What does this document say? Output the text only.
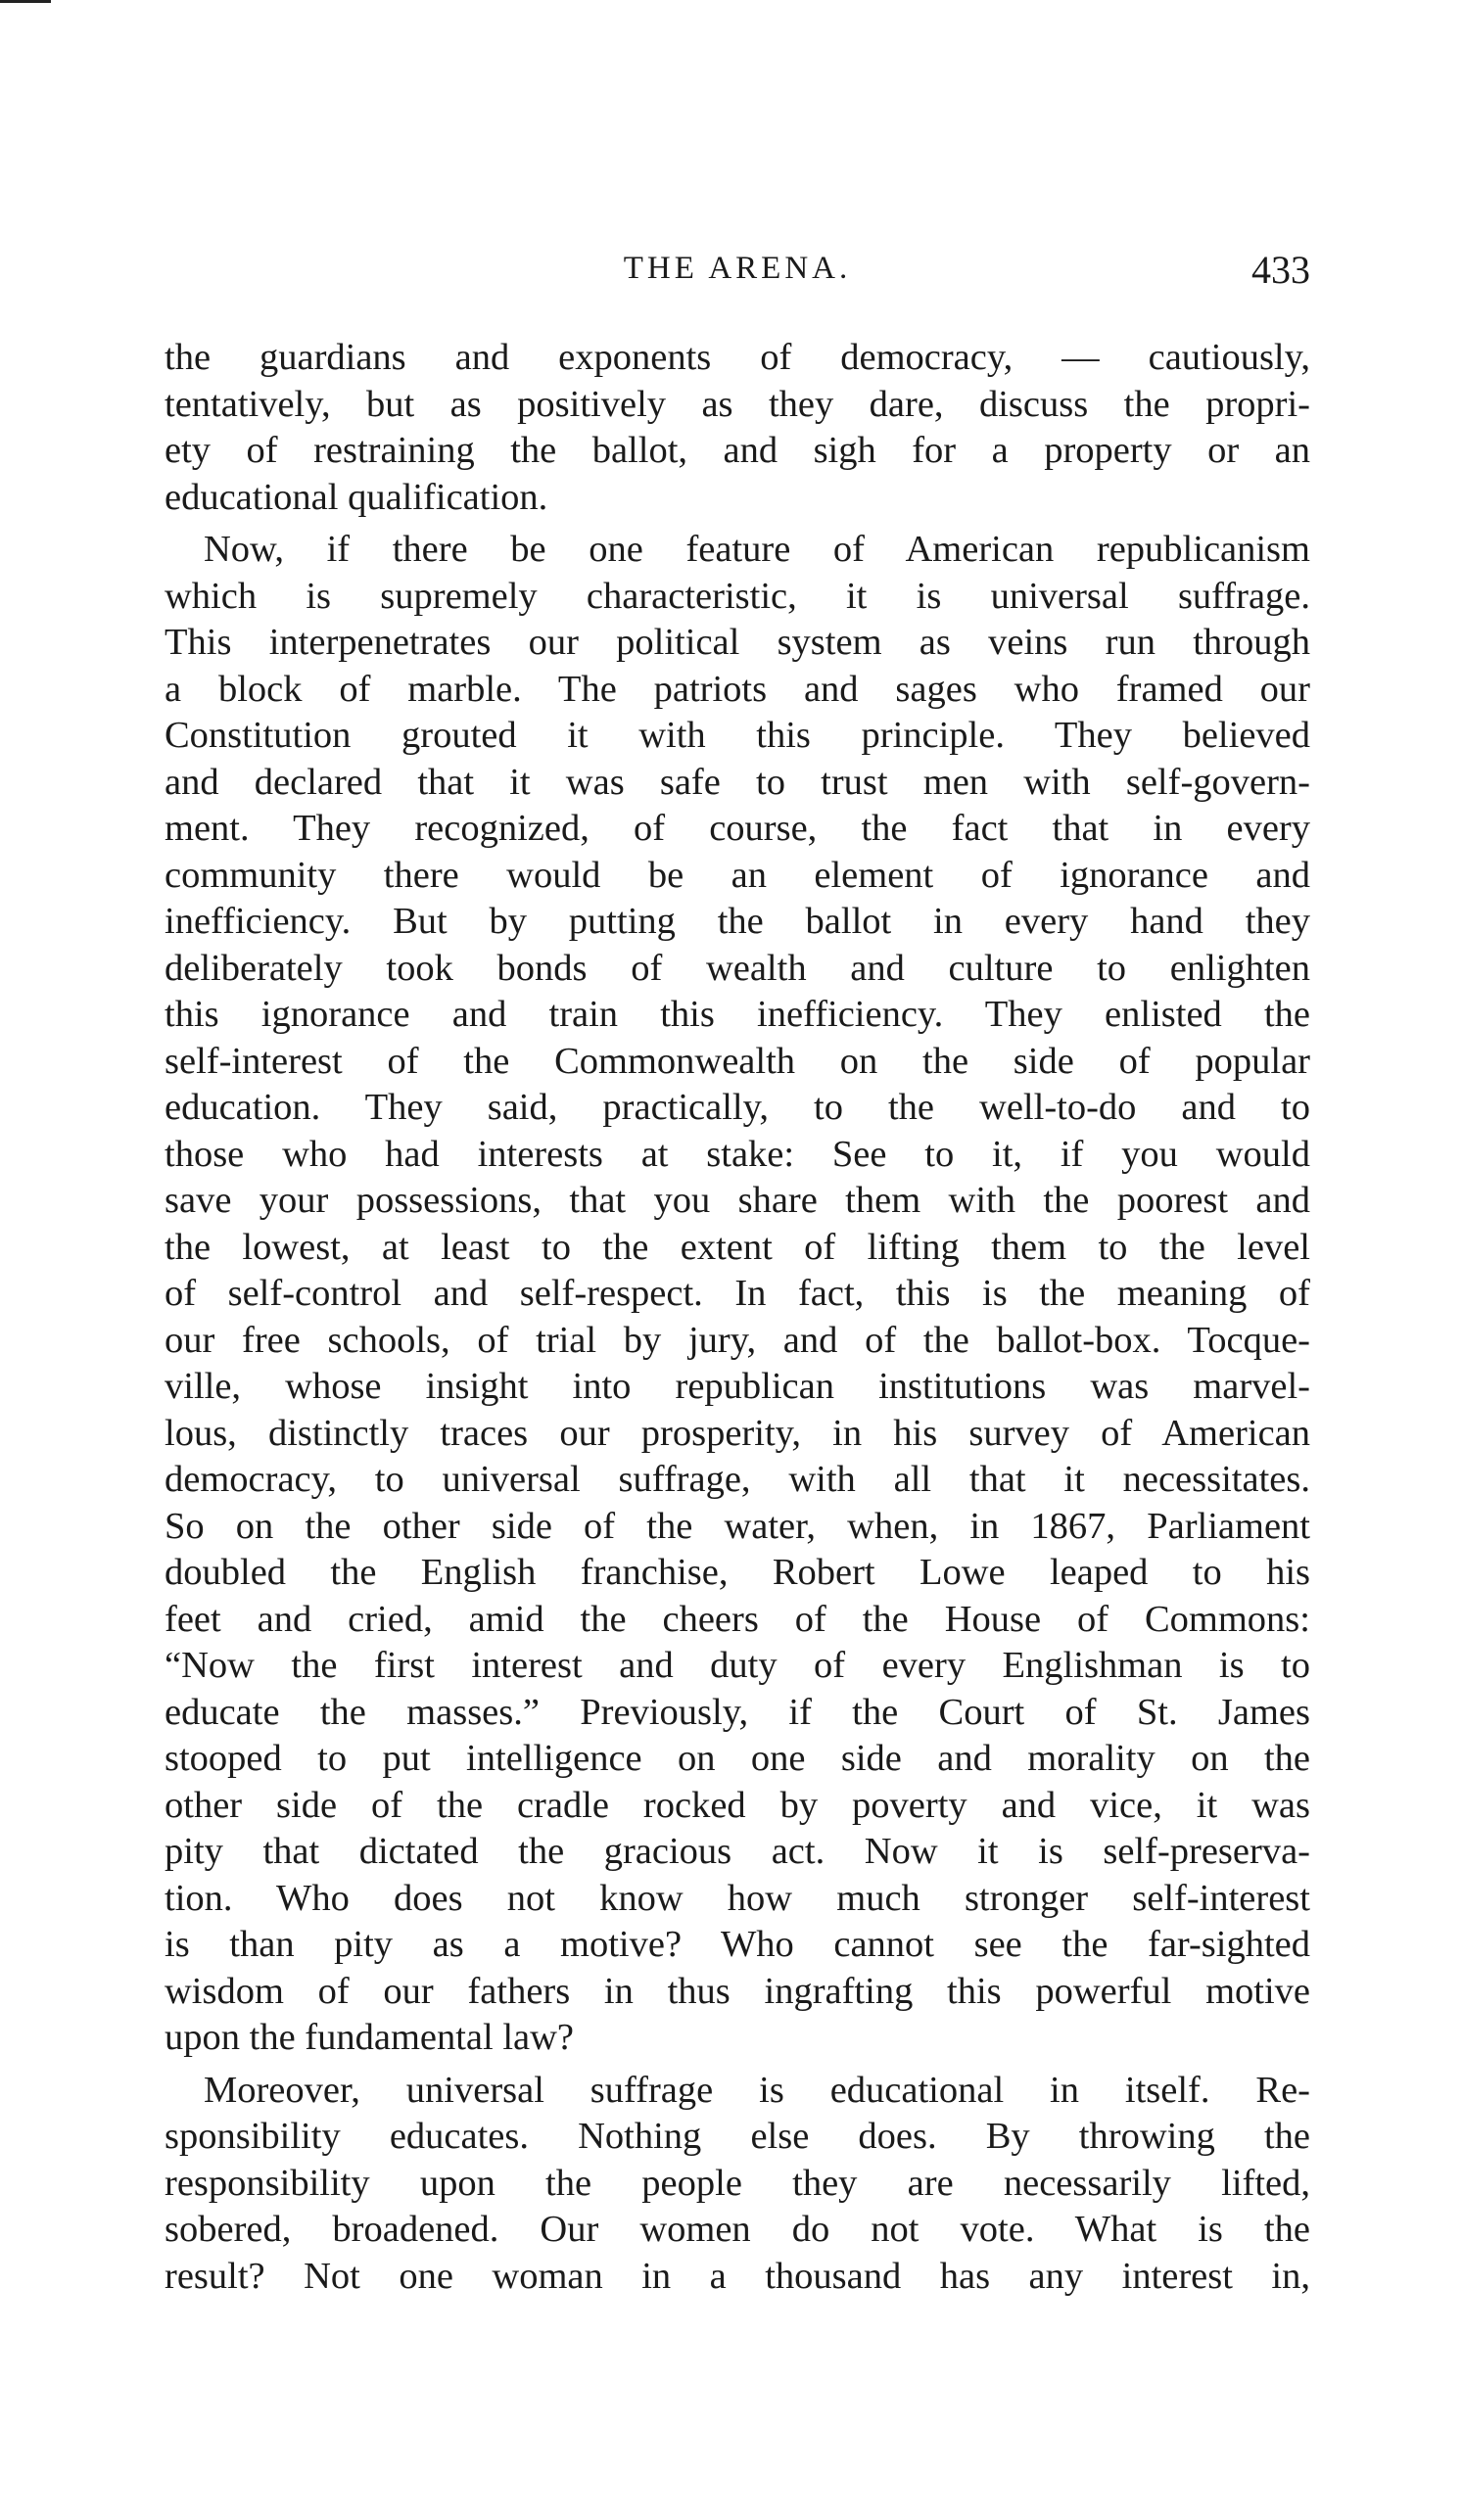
THE ARENA.	433
the guardians and exponents of democracy, — cautiously,
tentatively, but as positively as they dare, discuss the propri-
ety of restraining the ballot, and sigh for a property or an
educational qualification.
Now, if there be one feature of American republicanism
which is supremely characteristic, it is universal suffrage.
This interpenetrates our political system as veins run through
a block of marble. The patriots and sages who framed our
Constitution grouted it with this principle. They believed
and declared that it was safe to trust men with self-govern-
ment. They recognized, of course, the fact that in every
community there would be an element of ignorance and
inefficiency. But by putting the ballot in every hand they
deliberately took bonds of wealth and culture to enlighten
this ignorance and train this inefficiency. They enlisted the
self-interest of the Commonwealth on the side of popular
education. They said, practically, to the well-to-do and to
those who had interests at stake: See to it, if you would
save your possessions, that you share them with the poorest and
the lowest, at least to the extent of lifting them to the level
of self-control and self-respect. In fact, this is the meaning of
our free schools, of trial by jury, and of the ballot-box. Tocque-
ville, whose insight into republican institutions was marvel-
lous, distinctly traces our prosperity, in his survey of American
democracy, to universal suffrage, with all that it necessitates.
So on the other side of the water, when, in 1867, Parliament
doubled the English franchise, Robert Lowe leaped to his
feet and cried, amid the cheers of the House of Commons:
“Now the first interest and duty of every Englishman is to
educate the masses.” Previously, if the Court of St. James
stooped to put intelligence on one side and morality on the
other side of the cradle rocked by poverty and vice, it was
pity that dictated the gracious act. Now it is self-preserva-
tion. Who does not know how much stronger self-interest
is than pity as a motive? Who cannot see the far-sighted
wisdom of our fathers in thus ingrafting this powerful motive
upon the fundamental law?
Moreover, universal suffrage is educational in itself. Re-
sponsibility educates. Nothing else does. By throwing the
responsibility upon the people they are necessarily lifted,
sobered, broadened. Our women do not vote. What is the
result? Not one woman in a thousand has any interest in,
